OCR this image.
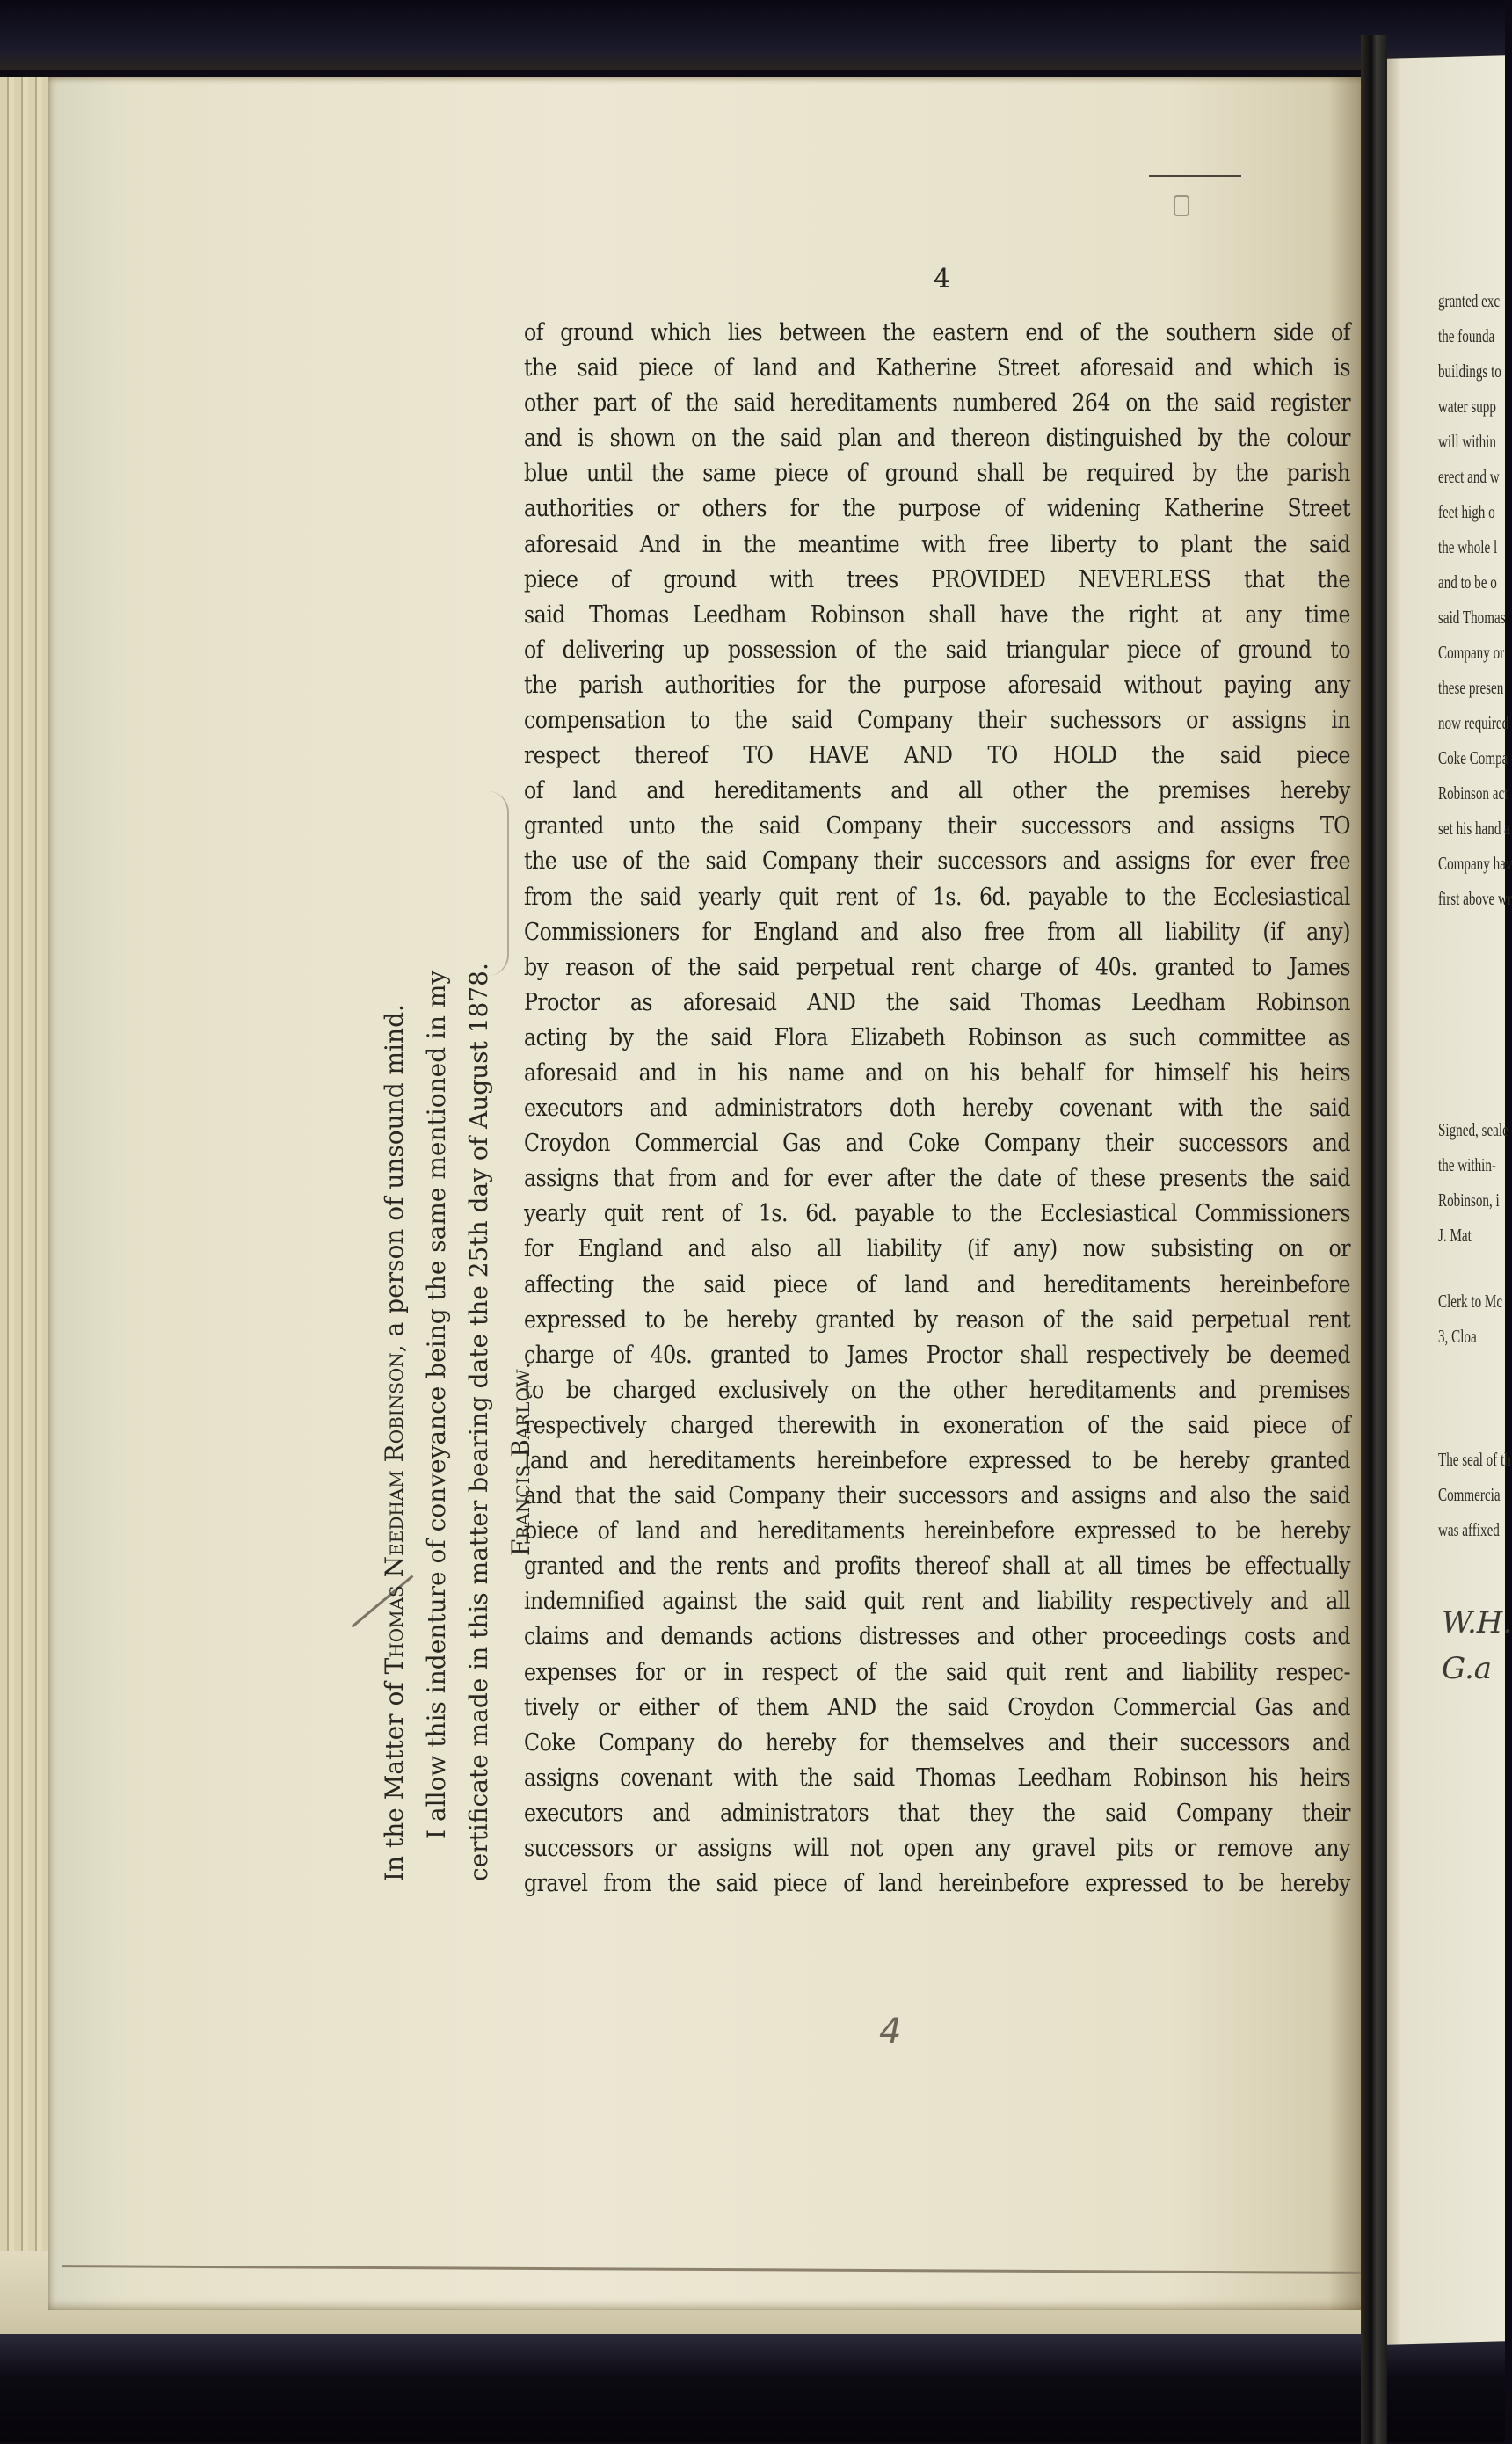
4
of ground which lies between the eastern end of the southern side of
the said piece of land and Katherine Street aforesaid and which is
other part of the said hereditaments numbered 264 on the said register
and is shown on the said plan and thereon distinguished by the colour
blue until the same piece of ground shall be required by the parish
authorities or others for the purpose of widening Katherine Street
aforesaid And in the meantime with free liberty to plant the said
piece of ground with trees PROVIDED NEVERLESS that the
said Thomas Leedham Robinson shall have the right at any time
of delivering up possession of the said triangular piece of ground to
the parish authorities for the purpose aforesaid without paying any
compensation to the said Company their suchessors or assigns in
respect thereof TO HAVE AND TO HOLD the said piece
of land and hereditaments and all other the premises hereby
granted unto the said Company their successors and assigns TO
the use of the said Company their successors and assigns for ever free
from the said yearly quit rent of 1s. 6d. payable to the Ecclesiastical
Commissioners for England and also free from all liability (if any)
by reason of the said perpetual rent charge of 40s. granted to James
Proctor as aforesaid AND the said Thomas Leedham Robinson
acting by the said Flora Elizabeth Robinson as such committee as
aforesaid and in his name and on his behalf for himself his heirs
executors and administrators doth hereby covenant with the said
Croydon Commercial Gas and Coke Company their successors and
assigns that from and for ever after the date of these presents the said
yearly quit rent of 1s. 6d. payable to the Ecclesiastical Commissioners
for England and also all liability (if any) now subsisting on or
affecting the said piece of land and hereditaments hereinbefore
expressed to be hereby granted by reason of the said perpetual rent
charge of 40s. granted to James Proctor shall respectively be deemed
to be charged exclusively on the other hereditaments and premises
respectively charged therewith in exoneration of the said piece of
land and hereditaments hereinbefore expressed to be hereby granted
and that the said Company their successors and assigns and also the said
piece of land and hereditaments hereinbefore expressed to be hereby
granted and the rents and profits thereof shall at all times be effectually
indemnified against the said quit rent and liability respectively and all
claims and demands actions distresses and other proceedings costs and
expenses for or in respect of the said quit rent and liability respec-
tively or either of them AND the said Croydon Commercial Gas and
Coke Company do hereby for themselves and their successors and
assigns covenant with the said Thomas Leedham Robinson his heirs
executors and administrators that they the said Company their
successors or assigns will not open any gravel pits or remove any
gravel from the said piece of land hereinbefore expressed to be hereby
In the Matter of Thomas Needham Robinson, a person of unsound mind. I allow this indenture of conveyance being the same mentioned in my certificate made in this matter bearing date the 25th day of August 1878. Francis Barlow.
4
granted exc
the founda
buildings to
water supp
will within
erect and w
feet high o
the whole l
and to be o
said Thomas
Company or
these presen
now required
Coke Compa
Robinson act
set his hand a
Company hav
first above wr
Signed, seale
the within-
Robinson, i
J. Mat
Clerk to Mc
3, Cloa
The seal of th
Commercia
was affixed
W.H.
G.a
